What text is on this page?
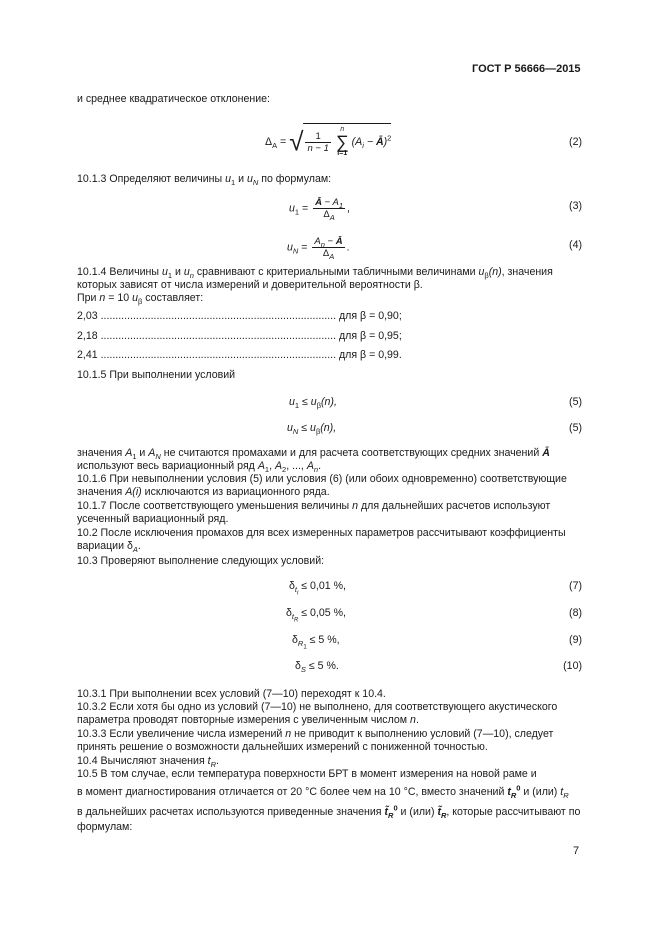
ГОСТ Р 56666—2015
и среднее квадратическое отклонение:
$\Delta_A$ = √ $\frac{1}{n - 1}$

n
∑
i=1
($A_i$ − Ā)$^2$	(2)
10.1.3 Определяют величины $u_1$ и $u_N$ по формулам:
$u_1 = \frac{Ā - A_1}{\Delta_A}$ ,	(3)
$u_N = \frac{A_n - Ā}{\Delta_A}$ .	(4)
10.1.4 Величины $u_1$ и $u_n$ сравнивают с критериальными табличными величинами $u_\beta(n)$, значения
которых зависят от числа измерений и доверительной вероятности β.
При n = 10 $u_\beta$ составляет:
2,03 ................................................................................ для β = 0,90;
2,18 ................................................................................ для β = 0,95;
2,41 ................................................................................ для β = 0,99.
10.1.5 При выполнении условий
$u_1 \le u_\beta(n)$,	(5)
$u_N \le u_\beta(n)$,	(5)
значения $A_1$ и $A_N$ не считаются промахами и для расчета соответствующих средних значений Ā
используют весь вариационный ряд $A_1$, $A_2$, ..., $A_n$.
10.1.6 При невыполнении условия (5) или условия (6) (или обоих одновременно) соответствующие
значения A(i) исключаются из вариационного ряда.
10.1.7 После соответствующего уменьшения величины n для дальнейших расчетов используют
усеченный вариационный ряд.
10.2 После исключения промахов для всех измеренных параметров рассчитывают коэффициенты
вариации $\delta_A$.
10.3 Проверяют выполнение следующих условий:
$\delta_{t_i} \le 0,01$ %,	(7)
$\delta_{t_R} \le 0,05$ %,	(8)
$\delta_{R_1} \le 5$ %,	(9)
$\delta_S \le 5$ %.	(10)
10.3.1 При выполнении всех условий (7—10) переходят к 10.4.
10.3.2 Если хотя бы одно из условий (7—10) не выполнено, для соответствующего акустического
параметра проводят повторные измерения с увеличенным числом n.
10.3.3 Если увеличение числа измерений n не приводит к выполнению условий (7—10), следует
принять решение о возможности дальнейших измерений с пониженной точностью.
10.4 Вычисляют значения $t_R$.
10.5 В том случае, если температура поверхности БРТ в момент измерения на новой раме и
в момент диагностирования отличается от 20 °С более чем на 10 °С, вместо значений $t_R^0$ и (или) $t_R$
в дальнейших расчетах используются приведенные значения $t̃_R^0$ и (или) $t̃_R$, которые рассчитывают по
формулам:
7
